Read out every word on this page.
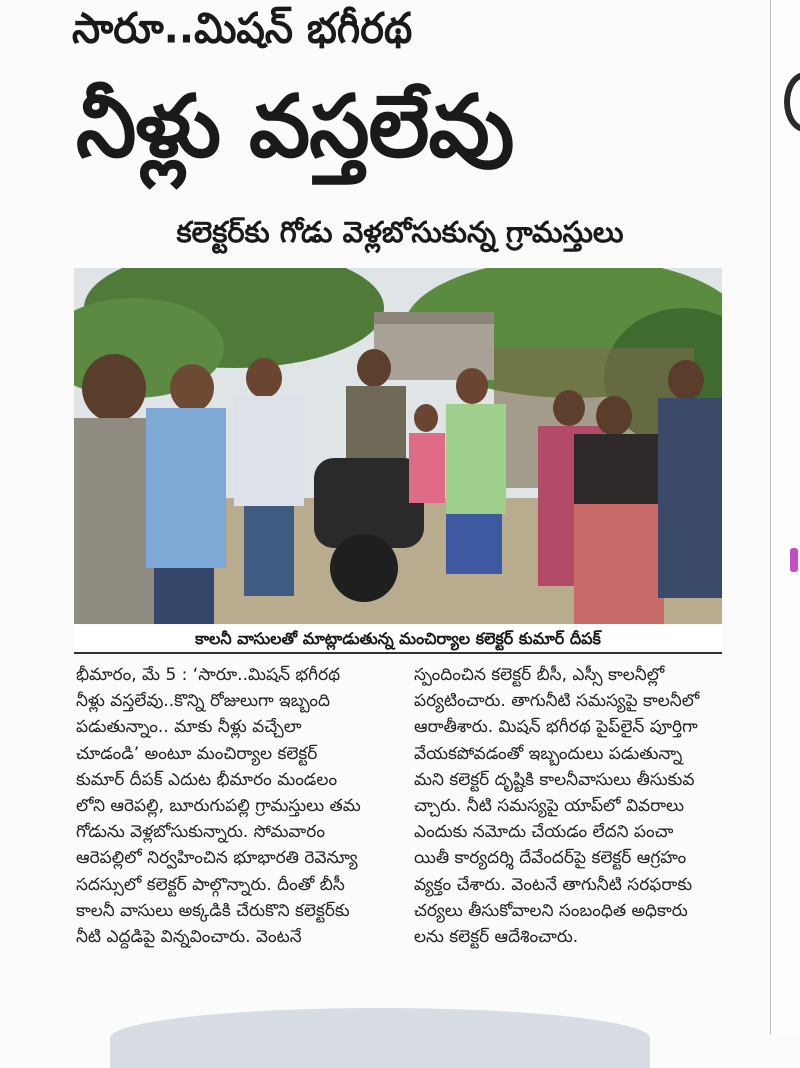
సారూ..మిషన్ భగీరథ
నీళ్లు వస్తలేవు
కలెక్టర్‌కు గోడు వెళ్లబోసుకున్న గ్రామస్తులు
కాలనీ వాసులతో మాట్లాడుతున్న మంచిర్యాల కలెక్టర్ కుమార్ దీపక్
భీమారం, మే 5 : ‘సారూ..మిషన్ భగీరథ
నీళ్లు వస్తలేవు..కొన్ని రోజులుగా ఇబ్బంది
పడుతున్నాం.. మాకు నీళ్లు వచ్చేలా
చూడండి’ అంటూ మంచిర్యాల కలెక్టర్
కుమార్ దీపక్ ఎదుట భీమారం మండలం
లోని ఆరెపల్లి, బూరుగుపల్లి గ్రామస్తులు తమ
గోడును వెళ్లబోసుకున్నారు. సోమవారం
ఆరెపల్లిలో నిర్వహించిన భూభారతి రెవెన్యూ
సదస్సులో కలెక్టర్ పాల్గొన్నారు. దీంతో బీసీ
కాలనీ వాసులు అక్కడికి చేరుకొని కలెక్టర్‌కు
నీటి ఎద్దడిపై విన్నవించారు. వెంటనే
స్పందించిన కలెక్టర్ బీసీ, ఎస్సీ కాలనీల్లో
పర్యటించారు. తాగునీటి సమస్యపై కాలనీలో
ఆరాతీశారు. మిషన్ భగీరథ పైప్‌లైన్ పూర్తిగా
వేయకపోవడంతో ఇబ్బందులు పడుతున్నా
మని కలెక్టర్ దృష్టికి కాలనీవాసులు తీసుకువ
చ్చారు. నీటి సమస్యపై యాప్‌లో వివరాలు
ఎందుకు నమోదు చేయడం లేదని పంచా
యితీ కార్యదర్శి దేవేందర్‌పై కలెక్టర్ ఆగ్రహం
వ్యక్తం చేశారు. వెంటనే తాగునీటి సరఫరాకు
చర్యలు తీసుకోవాలని సంబంధిత అధికారు
లను కలెక్టర్ ఆదేశించారు.
